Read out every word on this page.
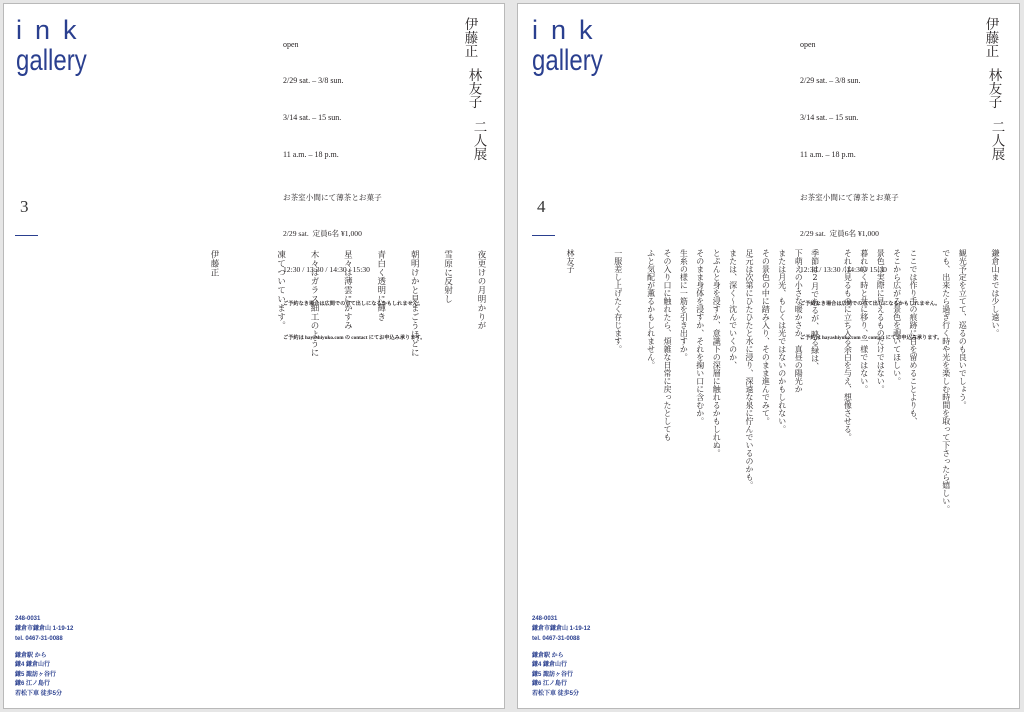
ink
gallery

	open

2/29 sat. – 3/8 sun.

3/14 sat. – 15 sun.

11 a.m. – 18 p.m.

お茶室小間にて薄茶とお菓子

2/29 sat.  定員6名 ¥1,000

12:30 / 13:30 / 14:30 / 15:30

ご予約なき場合は広間での点て出しになるかもしれません。

ご予約は hayashiyuko.com の contact にてお申込み承ります。

伊藤正
林友子
二人展
3
夜更けの月明かりが
雪原に反射し
朝明けかと見まごうほどに
青白く透明に輝き
星々は薄雲にかすみ
木々はガラス細工のように
凍てついています。
伊藤正
248-0031
鎌倉市鎌倉山 1-19-12
tel. 0467-31-0088
鎌倉駅 から
鎌4 鎌倉山行
鎌5 諏訪ヶ谷行
鎌6 江ノ島行
若松下車 徒歩5分
ink
gallery

	open

2/29 sat. – 3/8 sun.

3/14 sat. – 15 sun.

11 a.m. – 18 p.m.

お茶室小間にて薄茶とお菓子

2/29 sat.  定員6名 ¥1,000

12:30 / 13:30 / 14:30 / 15:30

ご予約なき場合は広間での点て出しになるかもしれません。

ご予約は hayashiyuko.com の contact にてお申込み承ります。

伊藤正
林友子
二人展
4
鎌倉山までは少し遠い。
観光予定を立てて、巡るのも良いでしょう。
でも、出来たら過ぎ行く時や光を楽しむ時間を取って下さったら嬉しい。
ここでは作り手の痕跡に目を留めることよりも、
そこから広がる景色を覗いてほしい。
景色は実際に見えるものだけではない。
暮れゆく時と共に移り、一様ではない。
それは見るものに立ち入る余白を与え、想像させる。
季節は2月であるが、映る緑は、
下萌えの小さな暖かさか、真昼の陽光か
または月光、もしくは光ではないのかもしれない。
その景色の中に踏み入り、そのまま進んでみて。
足元は次第にひたひたと水に浸り、深遠な泉に佇んでいるのかも。
または、深く〜沈んでいくのか、
とぷんと身を浸すか、意識下の深層に触れるかもしれぬ。
そのまま身体を浸すか、それを掬い口に含むか。
生糸の様に一筋を引き出すか。
その入り口に触れたら、煩雑な日常に戻ったとしても
ふと気配が薫るかもしれません。
一服差し上げたく存じます。
林友子
248-0031
鎌倉市鎌倉山 1-19-12
tel. 0467-31-0088
鎌倉駅 から
鎌4 鎌倉山行
鎌5 諏訪ヶ谷行
鎌6 江ノ島行
若松下車 徒歩5分
